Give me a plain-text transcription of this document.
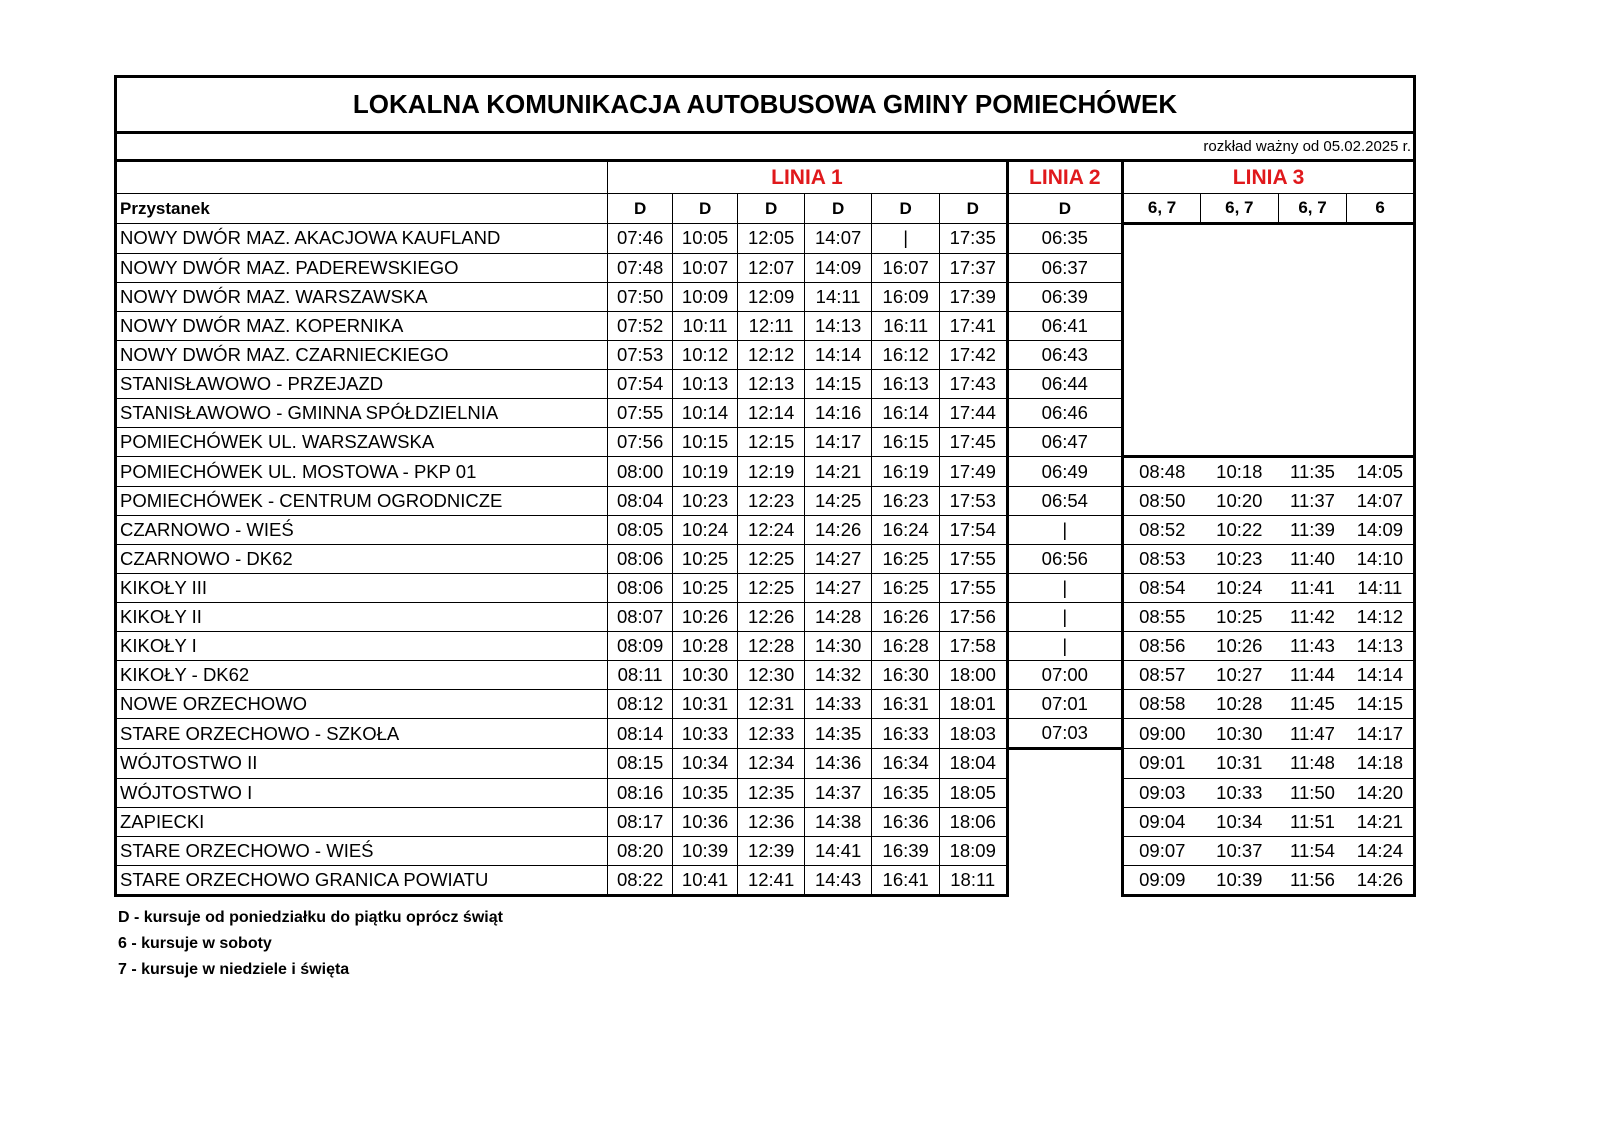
LOKALNA KOMUNIKACJA AUTOBUSOWA GMINY POMIECHÓWEK											
rozkład ważny od 05.02.2025 r.											
	LINIA 1						LINIA 2	LINIA 3			
Przystanek	D	D	D	D	D	D	D	6, 7	6, 7	6, 7	6
NOWY DWÓR MAZ. AKACJOWA KAUFLAND	07:46	10:05	12:05	14:07	|	17:35	06:35				
NOWY DWÓR MAZ. PADEREWSKIEGO	07:48	10:07	12:07	14:09	16:07	17:37	06:37				
NOWY DWÓR MAZ. WARSZAWSKA	07:50	10:09	12:09	14:11	16:09	17:39	06:39				
NOWY DWÓR MAZ. KOPERNIKA	07:52	10:11	12:11	14:13	16:11	17:41	06:41				
NOWY DWÓR MAZ. CZARNIECKIEGO	07:53	10:12	12:12	14:14	16:12	17:42	06:43				
STANISŁAWOWO - PRZEJAZD	07:54	10:13	12:13	14:15	16:13	17:43	06:44				
STANISŁAWOWO - GMINNA SPÓŁDZIELNIA	07:55	10:14	12:14	14:16	16:14	17:44	06:46				
POMIECHÓWEK UL. WARSZAWSKA	07:56	10:15	12:15	14:17	16:15	17:45	06:47				
POMIECHÓWEK UL. MOSTOWA - PKP 01	08:00	10:19	12:19	14:21	16:19	17:49	06:49	08:48	10:18	11:35	14:05
POMIECHÓWEK - CENTRUM OGRODNICZE	08:04	10:23	12:23	14:25	16:23	17:53	06:54	08:50	10:20	11:37	14:07
CZARNOWO - WIEŚ	08:05	10:24	12:24	14:26	16:24	17:54	|	08:52	10:22	11:39	14:09
CZARNOWO - DK62	08:06	10:25	12:25	14:27	16:25	17:55	06:56	08:53	10:23	11:40	14:10
KIKOŁY III	08:06	10:25	12:25	14:27	16:25	17:55	|	08:54	10:24	11:41	14:11
KIKOŁY II	08:07	10:26	12:26	14:28	16:26	17:56	|	08:55	10:25	11:42	14:12
KIKOŁY I	08:09	10:28	12:28	14:30	16:28	17:58	|	08:56	10:26	11:43	14:13
KIKOŁY - DK62	08:11	10:30	12:30	14:32	16:30	18:00	07:00	08:57	10:27	11:44	14:14
NOWE ORZECHOWO	08:12	10:31	12:31	14:33	16:31	18:01	07:01	08:58	10:28	11:45	14:15
STARE ORZECHOWO - SZKOŁA	08:14	10:33	12:33	14:35	16:33	18:03	07:03	09:00	10:30	11:47	14:17
WÓJTOSTWO II	08:15	10:34	12:34	14:36	16:34	18:04		09:01	10:31	11:48	14:18
WÓJTOSTWO I	08:16	10:35	12:35	14:37	16:35	18:05		09:03	10:33	11:50	14:20
ZAPIECKI	08:17	10:36	12:36	14:38	16:36	18:06		09:04	10:34	11:51	14:21
STARE ORZECHOWO - WIEŚ	08:20	10:39	12:39	14:41	16:39	18:09		09:07	10:37	11:54	14:24
STARE ORZECHOWO GRANICA POWIATU	08:22	10:41	12:41	14:43	16:41	18:11		09:09	10:39	11:56	14:26
D - kursuje od poniedziałku do piątku oprócz świąt
6 - kursuje w soboty
7 - kursuje w niedziele i święta
